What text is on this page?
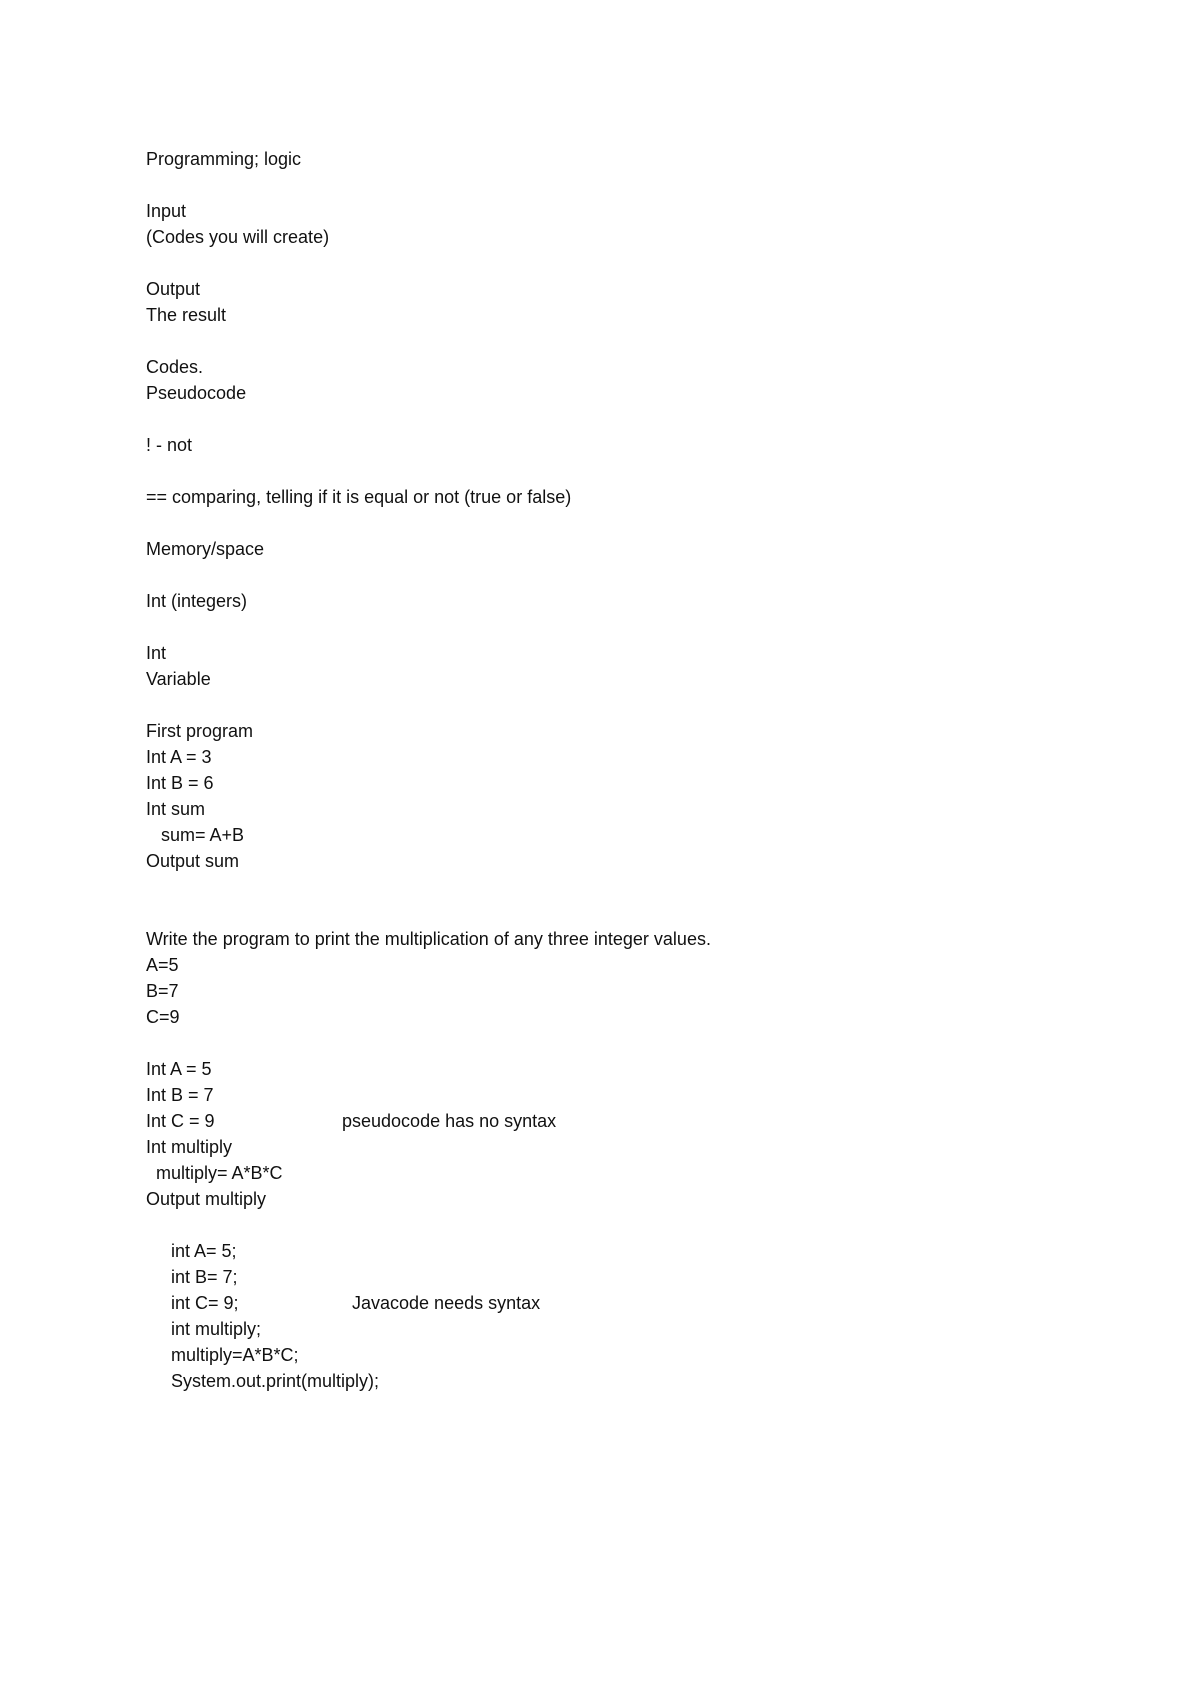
Programming; logic
Input
(Codes you will create)
Output
The result
Codes.
Pseudocode
! - not
== comparing, telling if it is equal or not (true or false)
Memory/space
Int (integers)
Int
Variable
First program
Int A = 3
Int B = 6
Int sum
sum= A+B
Output sum
Write the program to print the multiplication of any three integer values.
A=5
B=7
C=9
Int A = 5
Int B = 7
Int C = 9	pseudocode has no syntax
Int multiply
multiply= A*B*C
Output multiply
int A= 5;
int B= 7;
int C= 9;	Javacode needs syntax
int multiply;
multiply=A*B*C;
System.out.print(multiply);
